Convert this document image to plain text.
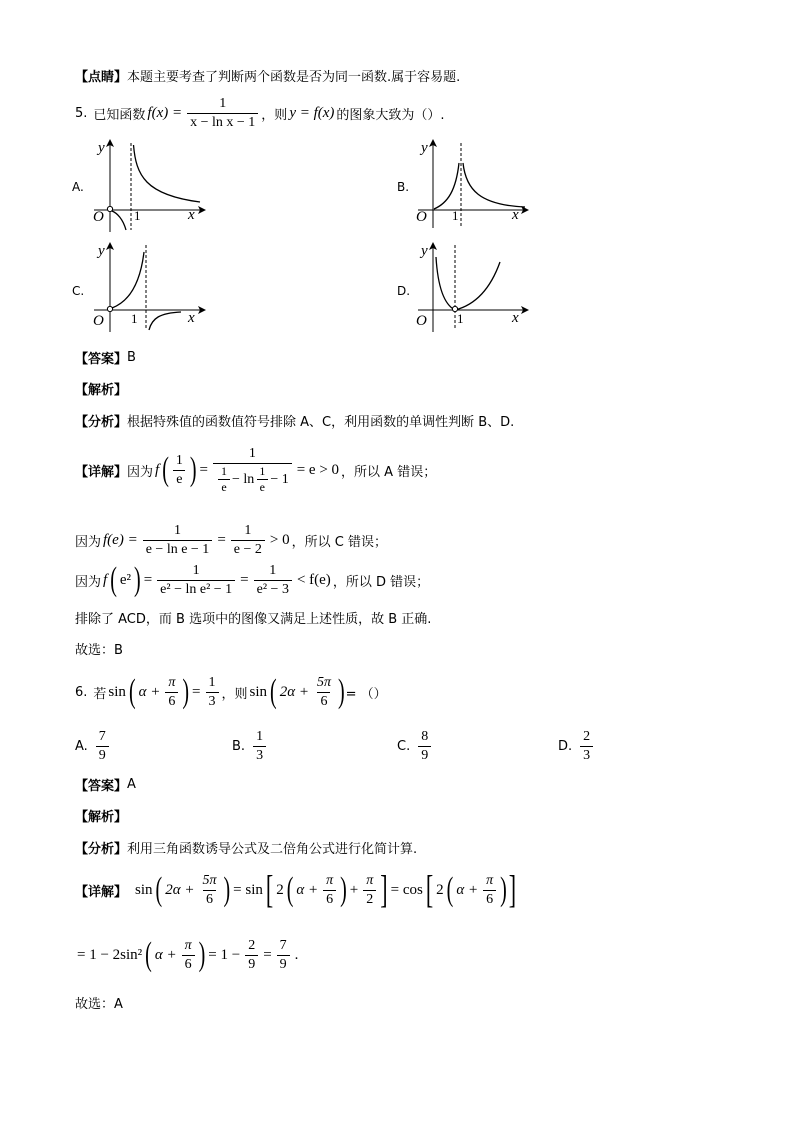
【点睛】 本题主要考查了判断两个函数是否为同一函数.属于容易题.
5. 已知函数 $f(x) = \frac{1}{\text{x − ln x − 1}}$ ，则 y = f(x) 的图象大致为（）.
A.
y
x
O 1
B.
y
x
O 1
C.
y
x
O 1
D.
y
x
O 1
【答案】 B
【解析】
【分析】 根据特殊值的函数值符号排除 A、C，利用函数的单调性判断 B、D.
【详解】 因为 f ( $\frac{1}{e}$ ) =
1
$\frac{1}{e} - \ln \frac{1}{e} - 1$
= e > 0 ，所以 A 错误；
因为 $f(e) = \frac{1}{\text{e − ln e − 1}} = \frac{1}{e - 2} > 0$ ，所以 C 错误；
因为 f ( e² ) = $\frac{1}{\text{e² − ln e² − 1}} = \frac{1}{\text{e² − 3}} < f(e)$ ，所以 D 错误；
排除了 ACD，而 B 选项中的图像又满足上述性质，故 B 正确.
故选：B
6. 若 sin ( $\alpha + \frac{\pi}{6}$ ) = $\frac{1}{3}$ ，则 sin ( $2\alpha + \frac{5\pi}{6}$ ) = （）
A. $\frac{7}{9}$	B. $\frac{1}{3}$	C. $\frac{8}{9}$	D. $\frac{2}{3}$
【答案】 A
【解析】
【分析】 利用三角函数诱导公式及二倍角公式进行化简计算.
【详解】 sin ( $2\alpha + \frac{5\pi}{6}$ ) = sin [ 2 ( $\alpha + \frac{\pi}{6}$ ) + $\frac{\pi}{2}$ ] = cos [ 2 ( $\alpha + \frac{\pi}{6}$ ) ]
= 1 − 2sin² ( $\alpha + \frac{\pi}{6}$ ) = $1 - \frac{2}{9} = \frac{7}{9}$ .
故选：A
